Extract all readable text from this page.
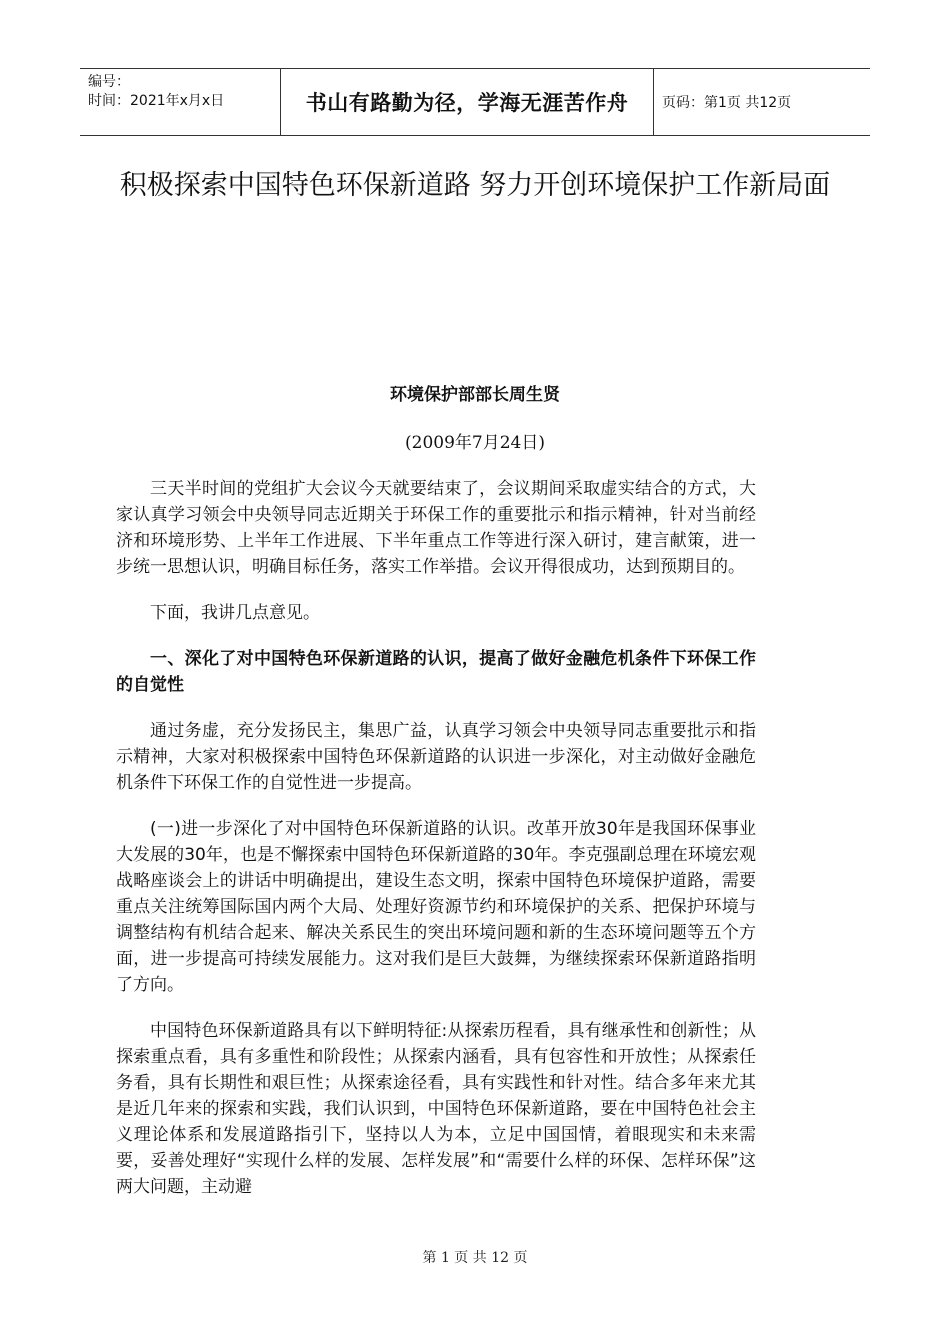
编号：
时间：2021年x月x日	书山有路勤为径，学海无涯苦作舟	页码：第1页 共12页
积极探索中国特色环保新道路 努力开创环境保护工作新局面
环境保护部部长周生贤
(2009年7月24日)

三天半时间的党组扩大会议今天就要结束了，会议期间采取虚实结合的方式，大家认真学习领会中央领导同志近期关于环保工作的重要批示和指示精神，针对当前经济和环境形势、上半年工作进展、下半年重点工作等进行深入研讨，建言献策，进一步统一思想认识，明确目标任务，落实工作举措。会议开得很成功，达到预期目的。

下面，我讲几点意见。

一、深化了对中国特色环保新道路的认识，提高了做好金融危机条件下环保工作的自觉性

通过务虚，充分发扬民主，集思广益，认真学习领会中央领导同志重要批示和指示精神，大家对积极探索中国特色环保新道路的认识进一步深化，对主动做好金融危机条件下环保工作的自觉性进一步提高。

(一)进一步深化了对中国特色环保新道路的认识。改革开放30年是我国环保事业大发展的30年，也是不懈探索中国特色环保新道路的30年。李克强副总理在环境宏观战略座谈会上的讲话中明确提出，建设生态文明，探索中国特色环境保护道路，需要重点关注统筹国际国内两个大局、处理好资源节约和环境保护的关系、把保护环境与调整结构有机结合起来、解决关系民生的突出环境问题和新的生态环境问题等五个方面，进一步提高可持续发展能力。这对我们是巨大鼓舞，为继续探索环保新道路指明了方向。

中国特色环保新道路具有以下鲜明特征:从探索历程看，具有继承性和创新性；从探索重点看，具有多重性和阶段性；从探索内涵看，具有包容性和开放性；从探索任务看，具有长期性和艰巨性；从探索途径看，具有实践性和针对性。结合多年来尤其是近几年来的探索和实践，我们认识到，中国特色环保新道路，要在中国特色社会主义理论体系和发展道路指引下，坚持以人为本，立足中国国情，着眼现实和未来需要，妥善处理好“实现什么样的发展、怎样发展”和“需要什么样的环保、怎样环保”这两大问题，主动避

第 1 页 共 12 页
